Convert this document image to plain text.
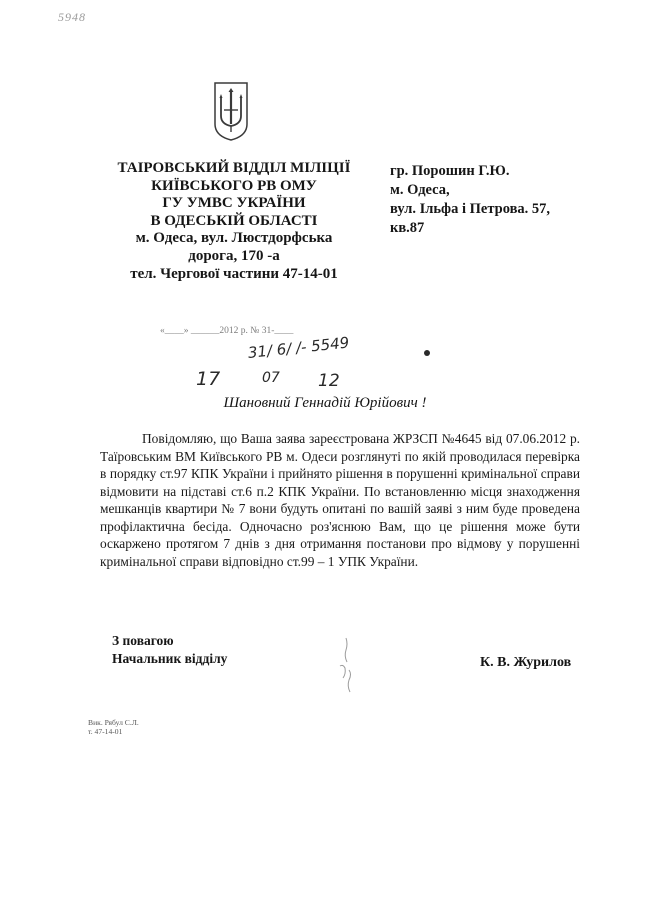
5948
ТАІРОВСЬКИЙ ВІДДІЛ МІЛІЦІЇ
КИЇВСЬКОГО РВ ОМУ
ГУ УМВС УКРАЇНИ
В ОДЕСЬКІЙ ОБЛАСТІ
м. Одеса, вул. Люстдорфська
дорога, 170 -а
тел. Чергової частини 47-14-01
гр. Порошин Г.Ю.
м. Одеса,
вул. Ільфа і Петрова. 57,
кв.87
«____» ______2012 р. № 31-____
31/ 6/ /- 5549
17	07 12
Шановний Геннадій Юрійович !
Повідомляю, що Ваша заява зареєстрована ЖРЗСП №4645 від 07.06.2012 р. Таїровським ВМ Київського РВ м. Одеси розглянуті по якій проводилася перевірка в порядку ст.97 КПК України і прийнято рішення в порушенні кримінальної справи відмовити на підставі ст.6 п.2 КПК України. По встановленню місця знаходження мешканців квартири № 7 вони будуть опитані по вашій заяві з ним буде проведена профілактична бесіда. Одночасно роз'яснюю Вам, що це рішення може бути оскаржено протягом 7 днів з дня отримання постанови про відмову у порушенні кримінальної справи відповідно ст.99 – 1 УПК України.
З повагою
Начальник відділу	К. В. Журилов
Вик. Рябул С.Л.
т. 47-14-01
